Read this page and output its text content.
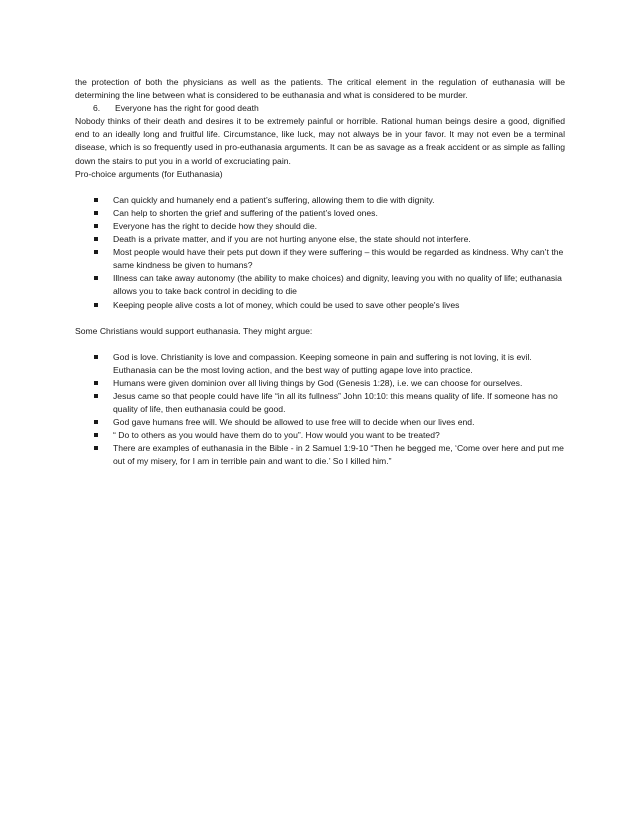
the protection of both the physicians as well as the patients. The critical element in the regulation of euthanasia will be determining the line between what is considered to be euthanasia and what is considered to be murder.

6. Everyone has the right for good death

Nobody thinks of their death and desires it to be extremely painful or horrible. Rational human beings desire a good, dignified end to an ideally long and fruitful life. Circumstance, like luck, may not always be in your favor. It may not even be a terminal disease, which is so frequently used in pro-euthanasia arguments. It can be as savage as a freak accident or as simple as falling down the stairs to put you in a world of excruciating pain.

Pro-choice arguments (for Euthanasia)

Can quickly and humanely end a patient’s suffering, allowing them to die with dignity.
Can help to shorten the grief and suffering of the patient’s loved ones.
Everyone has the right to decide how they should die.
Death is a private matter, and if you are not hurting anyone else, the state should not interfere.
Most people would have their pets put down if they were suffering – this would be regarded as kindness. Why can’t the same kindness be given to humans?
Illness can take away autonomy (the ability to make choices) and dignity, leaving you with no quality of life; euthanasia allows you to take back control in deciding to die
Keeping people alive costs a lot of money, which could be used to save other people's lives

Some Christians would support euthanasia. They might argue:

God is love. Christianity is love and compassion. Keeping someone in pain and suffering is not loving, it is evil. Euthanasia can be the most loving action, and the best way of putting agape love into practice.
Humans were given dominion over all living things by God (Genesis 1:28), i.e. we can choose for ourselves.
Jesus came so that people could have life “in all its fullness” John 10:10: this means quality of life. If someone has no quality of life, then euthanasia could be good.
God gave humans free will. We should be allowed to use free will to decide when our lives end.
“ Do to others as you would have them do to you”. How would you want to be treated?
There are examples of euthanasia in the Bible - in 2 Samuel 1:9-10 “Then he begged me, ‘Come over here and put me out of my misery, for I am in terrible pain and want to die.’ So I killed him.”
